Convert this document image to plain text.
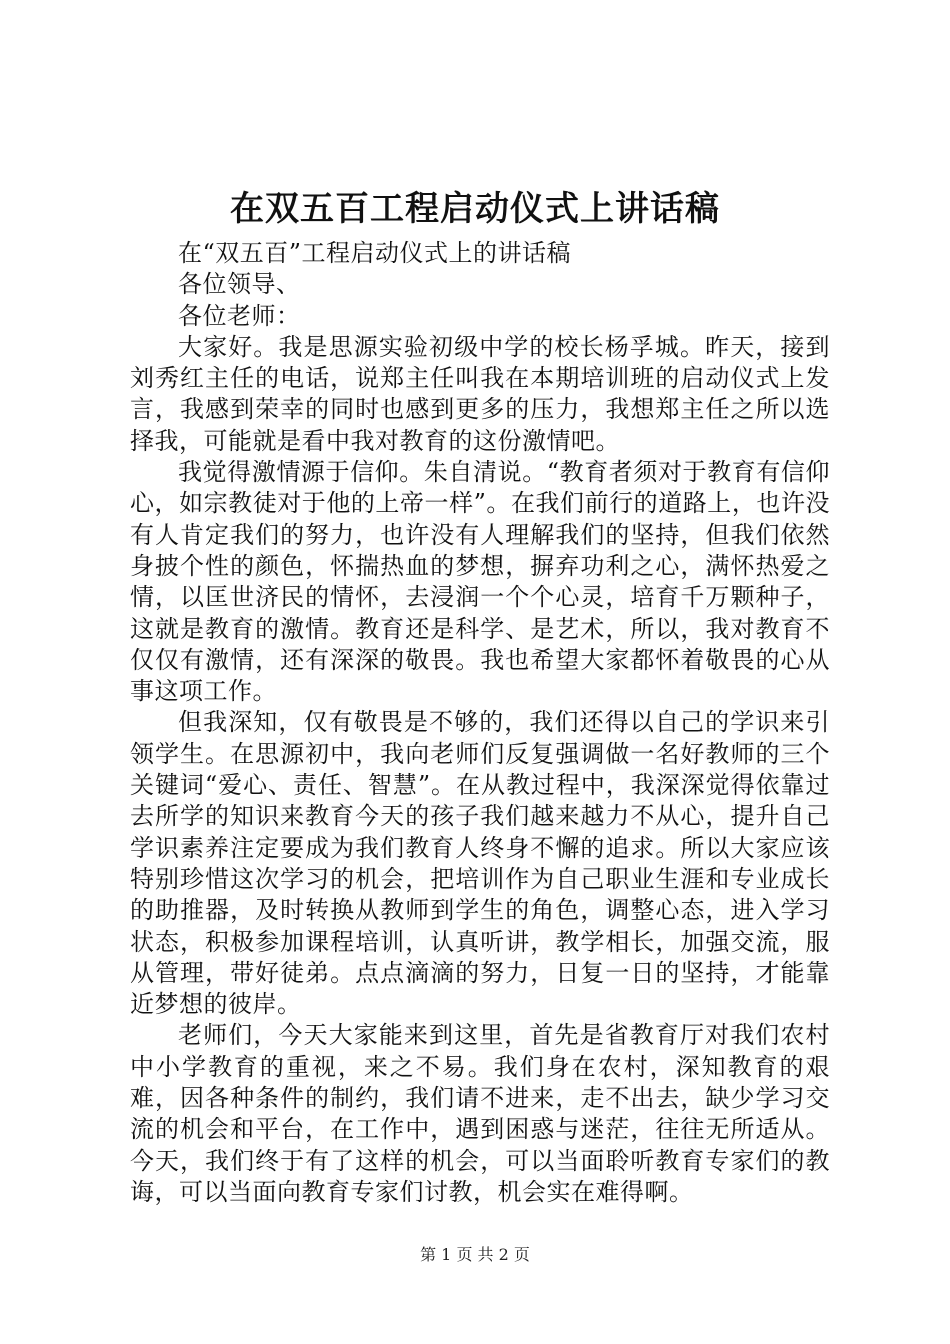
在双五百工程启动仪式上讲话稿

在“双五百”工程启动仪式上的讲话稿

各位领导、

各位老师：

大家好。我是思源实验初级中学的校长杨孚城。昨天，接到刘秀红主任的电话，说郑主任叫我在本期培训班的启动仪式上发言，我感到荣幸的同时也感到更多的压力，我想郑主任之所以选择我，可能就是看中我对教育的这份激情吧。

我觉得激情源于信仰。朱自清说。“教育者须对于教育有信仰心，如宗教徒对于他的上帝一样”。在我们前行的道路上，也许没有人肯定我们的努力，也许没有人理解我们的坚持，但我们依然身披个性的颜色，怀揣热血的梦想，摒弃功利之心，满怀热爱之情，以匡世济民的情怀，去浸润一个个心灵，培育千万颗种子，这就是教育的激情。教育还是科学、是艺术，所以，我对教育不仅仅有激情，还有深深的敬畏。我也希望大家都怀着敬畏的心从事这项工作。

但我深知，仅有敬畏是不够的，我们还得以自己的学识来引领学生。在思源初中，我向老师们反复强调做一名好教师的三个关键词“爱心、责任、智慧”。在从教过程中，我深深觉得依靠过去所学的知识来教育今天的孩子我们越来越力不从心，提升自己学识素养注定要成为我们教育人终身不懈的追求。所以大家应该特别珍惜这次学习的机会，把培训作为自己职业生涯和专业成长的助推器，及时转换从教师到学生的角色，调整心态，进入学习状态，积极参加课程培训，认真听讲，教学相长，加强交流，服从管理，带好徒弟。点点滴滴的努力，日复一日的坚持，才能靠近梦想的彼岸。

老师们，今天大家能来到这里，首先是省教育厅对我们农村中小学教育的重视，来之不易。我们身在农村，深知教育的艰难，因各种条件的制约，我们请不进来，走不出去，缺少学习交流的机会和平台，在工作中，遇到困惑与迷茫，往往无所适从。今天，我们终于有了这样的机会，可以当面聆听教育专家们的教诲，可以当面向教育专家们讨教，机会实在难得啊。

第 1 页 共 2 页
